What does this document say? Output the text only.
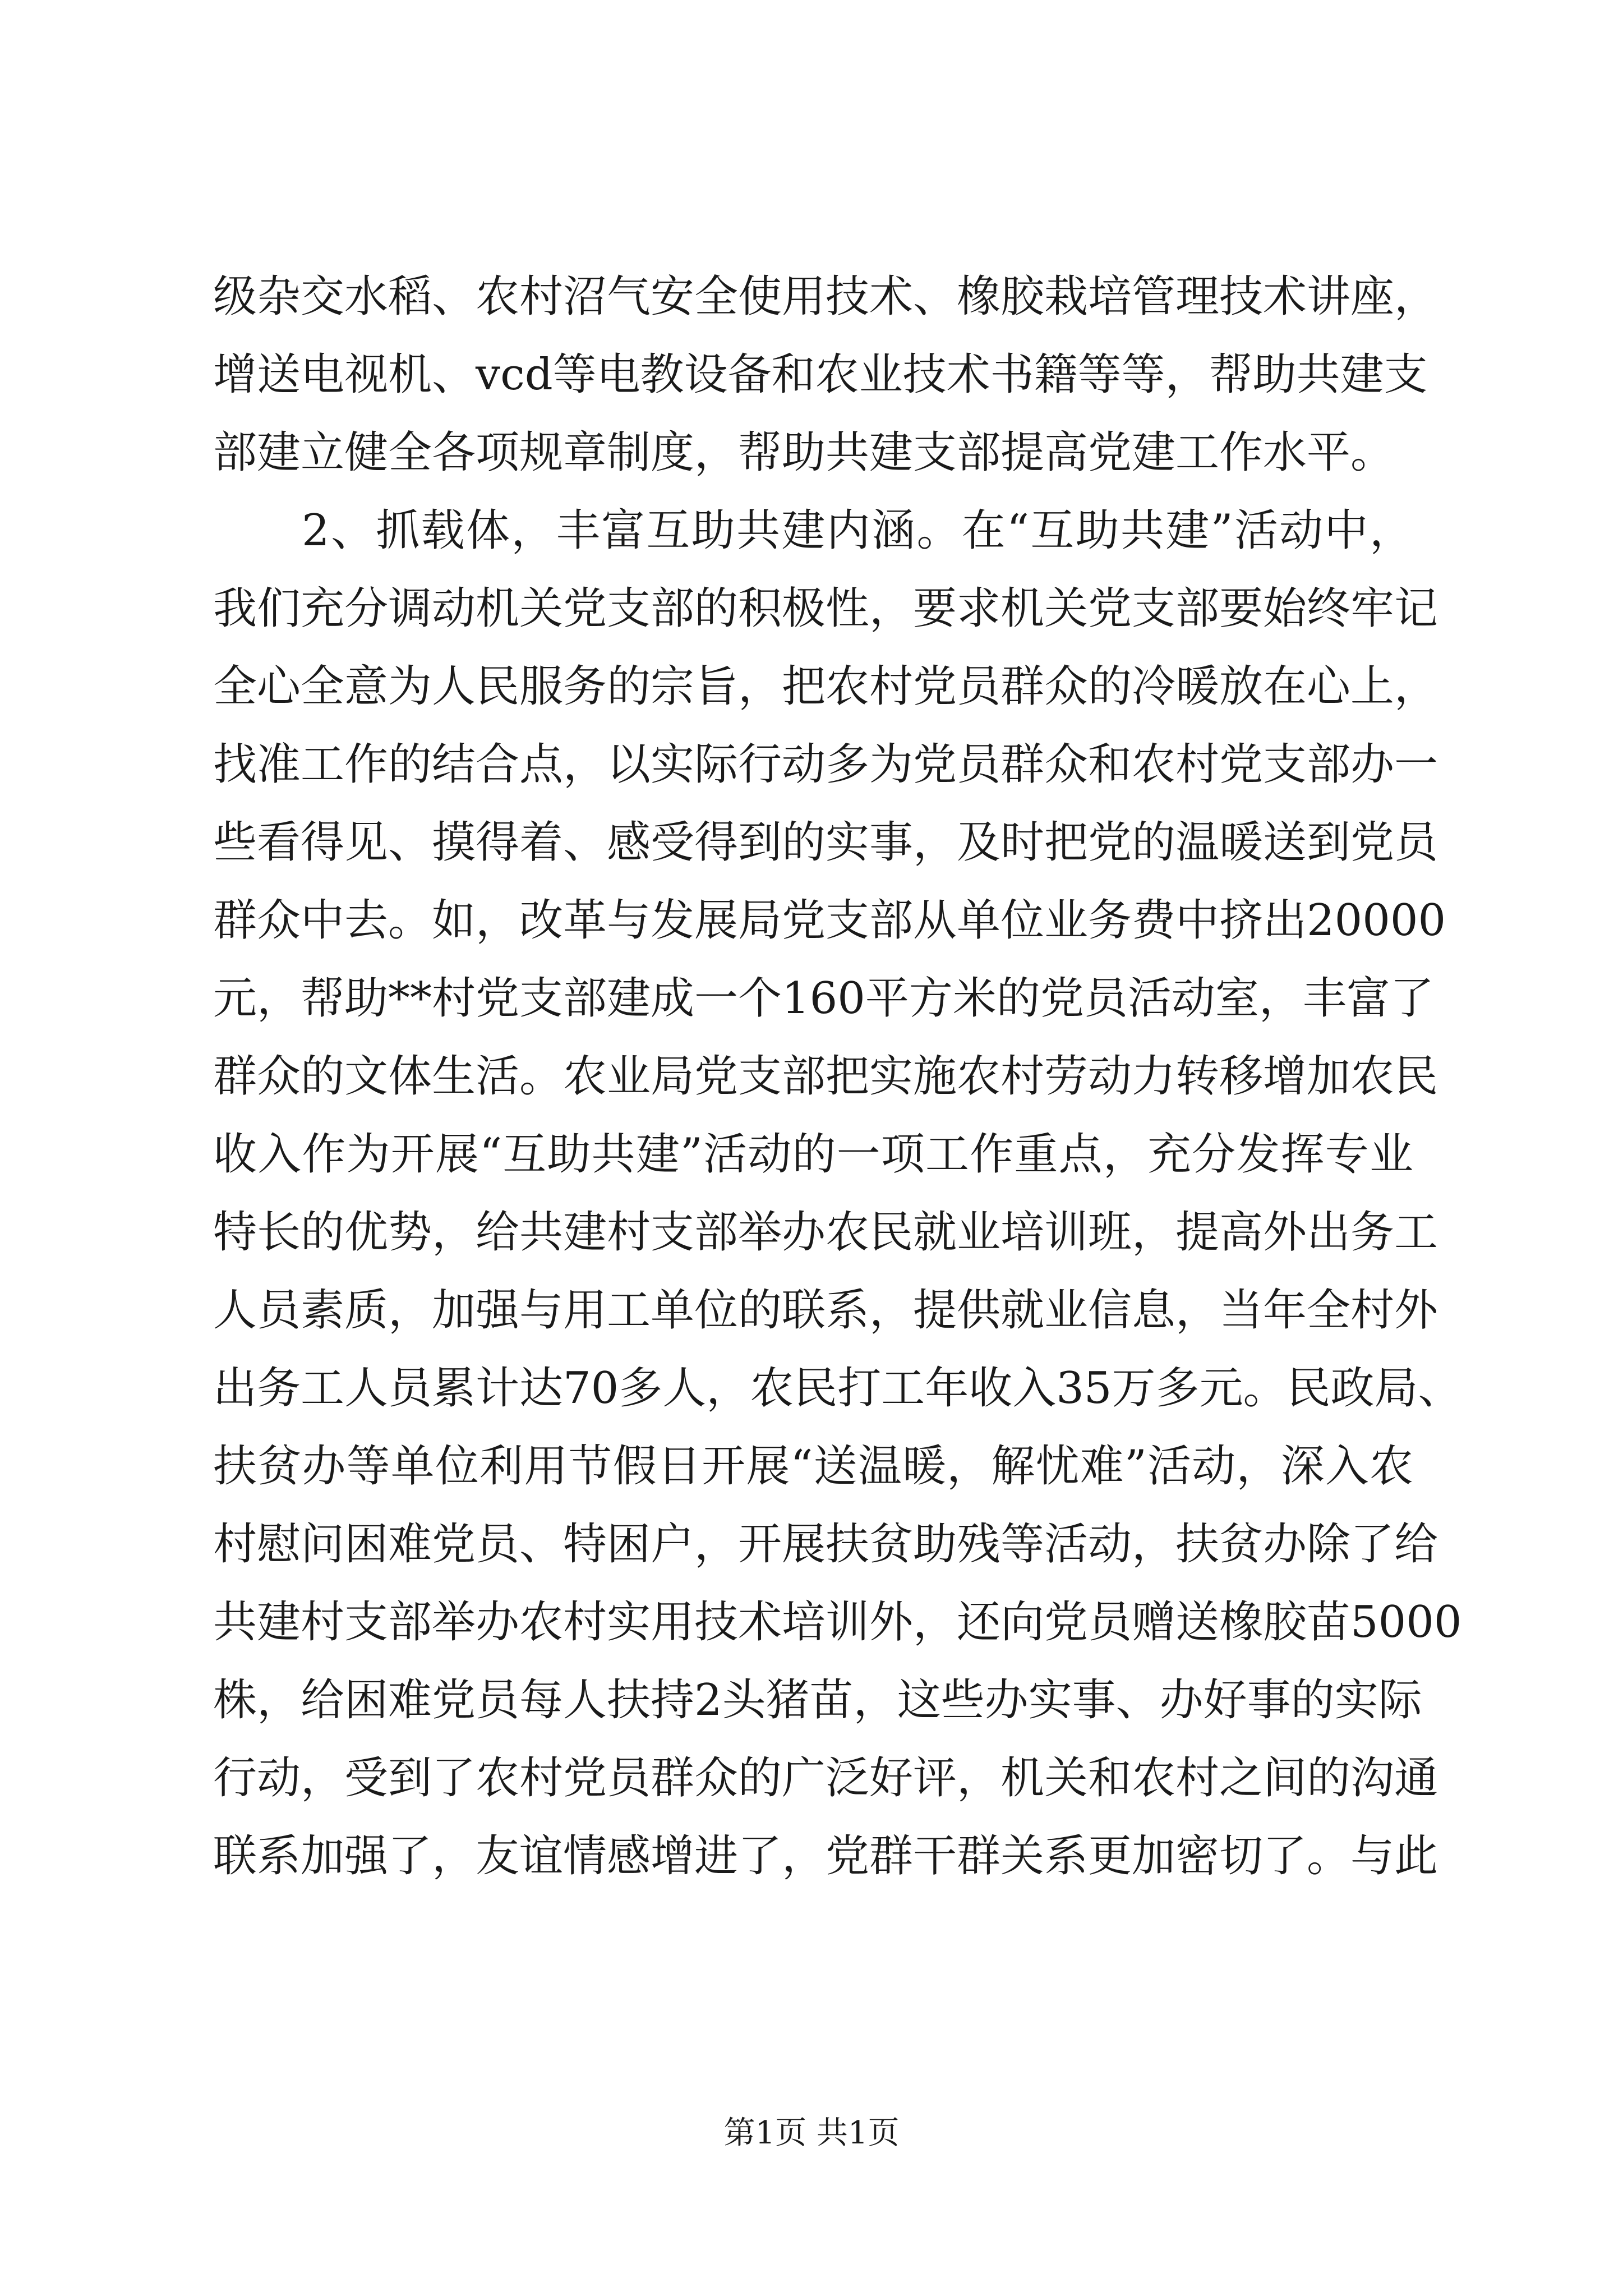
级杂交水稻、农村沼气安全使用技术、橡胶栽培管理技术讲座，
增送电视机、vcd等电教设备和农业技术书籍等等，帮助共建支
部建立健全各项规章制度，帮助共建支部提高党建工作水平。
2、抓载体，丰富互助共建内涵。在“互助共建”活动中，
我们充分调动机关党支部的积极性，要求机关党支部要始终牢记
全心全意为人民服务的宗旨，把农村党员群众的冷暖放在心上，
找准工作的结合点，以实际行动多为党员群众和农村党支部办一
些看得见、摸得着、感受得到的实事，及时把党的温暖送到党员
群众中去。如，改革与发展局党支部从单位业务费中挤出20000
元，帮助**村党支部建成一个160平方米的党员活动室，丰富了
群众的文体生活。农业局党支部把实施农村劳动力转移增加农民
收入作为开展“互助共建”活动的一项工作重点，充分发挥专业
特长的优势，给共建村支部举办农民就业培训班，提高外出务工
人员素质，加强与用工单位的联系，提供就业信息，当年全村外
出务工人员累计达70多人，农民打工年收入35万多元。民政局、
扶贫办等单位利用节假日开展“送温暖，解忧难”活动，深入农
村慰问困难党员、特困户，开展扶贫助残等活动，扶贫办除了给
共建村支部举办农村实用技术培训外，还向党员赠送橡胶苗5000
株，给困难党员每人扶持2头猪苗，这些办实事、办好事的实际
行动，受到了农村党员群众的广泛好评，机关和农村之间的沟通
联系加强了，友谊情感增进了，党群干群关系更加密切了。与此
第1页 共1页
